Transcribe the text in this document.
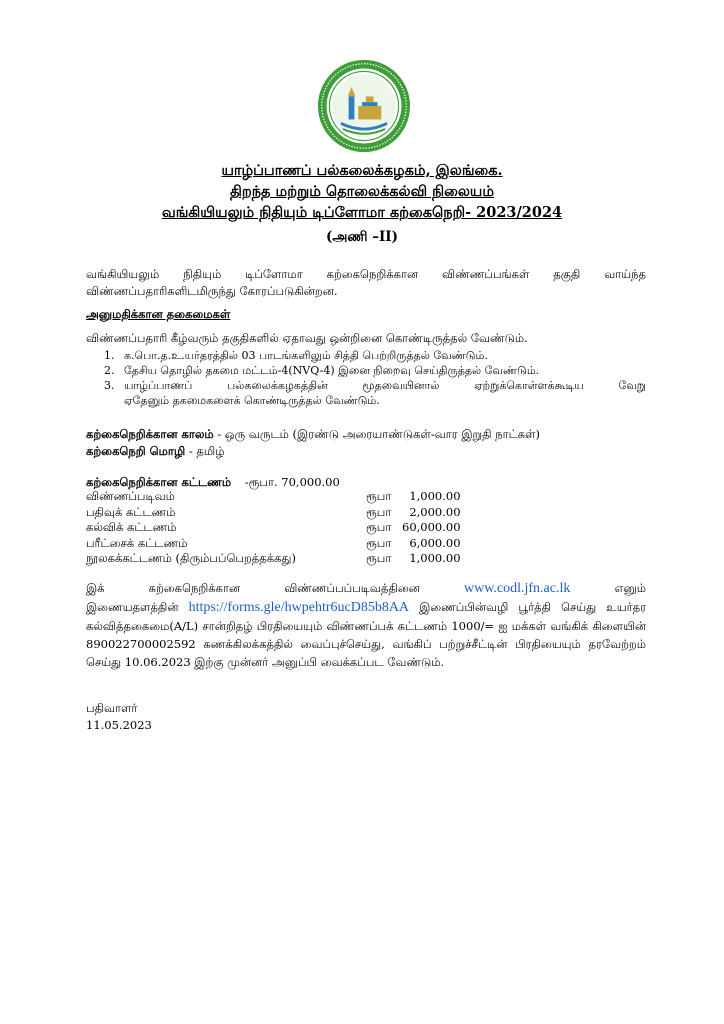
யாழ்ப்பாணப் பல்கலைக்கழகம், இலங்கை.
திறந்த மற்றும் தொலைக்கல்வி நிலையம்
வங்கியியலும் நிதியும் டிப்ளோமா கற்கைநெறி- 2023/2024
(அணி –II)
வங்கியியலும் நிதியும் டிப்ளோமா கற்கைநெறிக்கான விண்ணப்பங்கள் தகுதி வாய்ந்த விண்ணப்பதாரிகளிடமிருந்து கோரப்படுகின்றன.
அனுமதிக்கான தகைமைகள்
விண்ணப்பதாரி கீழ்வரும் தகுதிகளில் ஏதாவது ஒன்றினை கொண்டிருத்தல் வேண்டும்.
1. க.பொ.த.உ.யர்தரத்தில் 03 பாடங்களிலும் சித்தி பெற்றிருத்தல் வேண்டும்.
2. தேசிய தொழில் தகமை மட்டம்-4(NVQ-4) இனை நிறைவு செய்திருத்தல் வேண்டும்.
3. யாழ்ப்பாணப் பல்கலைக்கழகத்தின் மூதவையினால் ஏற்றுக்கொள்ளக்கூடிய வேறு
ஏதேனும் தகமைகளைக் கொண்டிருத்தல் வேண்டும்.
கற்கைநெறிக்கான காலம் - ஒரு வருடம் (இரண்டு அரையாண்டுகள்-வார இறுதி நாட்கள்)
கற்கைநெறி மொழி - தமிழ்
கற்கைநெறிக்கான கட்டணம் -ரூபா. 70,000.00
விண்ணப்படிவம்	ரூபா	1,000.00
பதிவுக் கட்டணம்	ரூபா	2,000.00
கல்விக் கட்டணம்	ரூபா	60,000.00
பரீட்சைக் கட்டணம்	ரூபா	6,000.00
நூலகக்கட்டணம் (திரும்பப்பெறத்தக்கது)	ரூபா	1,000.00
இக் கற்கைநெறிக்கான விண்ணப்பப்படிவத்தினை	www.codl.jfn.ac.lk	எனும்
இணையதளத்தின் https://forms.gle/hwpehtr6ucD85b8AA இணைப்பின்வழி பூர்த்தி செய்து உயர்தர கல்வித்தகைமை(A/L) சான்றிதழ் பிரதியையும் விண்ணப்பக் கட்டணம் 1000/= ஐ மக்கள் வங்கிக் கிளையின் 890022700002592 கணக்கிலக்கத்தில் வைப்புச்செய்து, வங்கிப் பற்றுச்சீட்டின் பிரதியையும் தரவேற்றம் செய்து 10.06.2023 இற்கு முன்னர் அனுப்பி வைக்கப்பட வேண்டும்.
பதிவாளர்
11.05.2023
